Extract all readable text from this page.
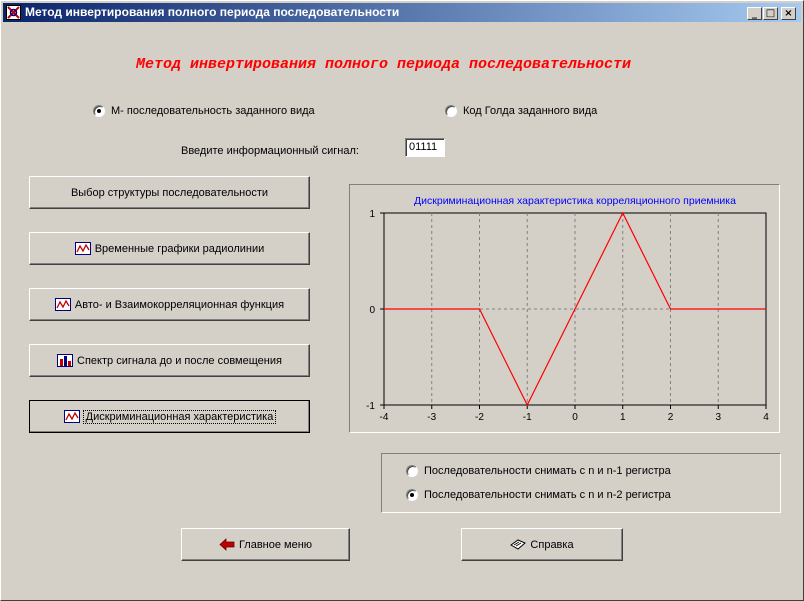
Метод инвертирования полного периода последовательности	_ □ ×
Метод инвертирования полного периода последовательности
M- последовательность заданного вида	Код Голда заданного вида
Введите информационный сигнал:	01111
Выбор структуры последовательности
Временные графики радиолинии
Авто- и Взаимокорреляционная функция
Спектр сигнала до и после совмещения
Дискриминационная характеристика
Дискриминационная характеристика корреляционного приемника
-4	-3	-2	-1	0	1	2	3	4
-1
0
1
Последовательности снимать с n и n-1 регистра
Последовательности снимать с n и n-2 регистра
Главное меню	Справка
